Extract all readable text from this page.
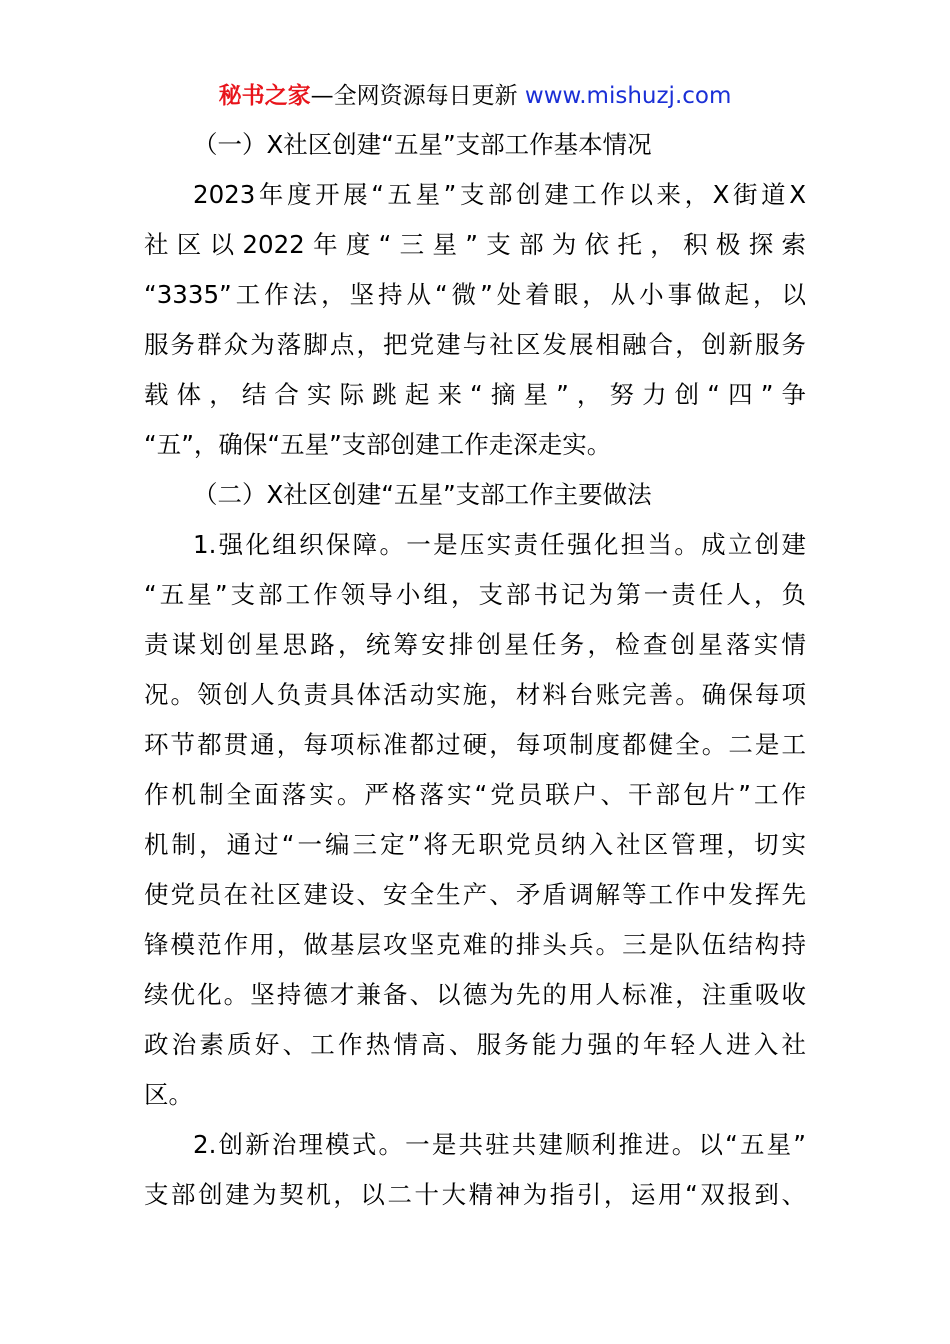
秘书之家—全网资源每日更新 www.mishuzj.com
（一）X社区创建“五星”支部工作基本情况
2023年度开展“五星”支部创建工作以来，X街道X
社区以2022年度“三星”支部为依托，积极探索
“3335”工作法，坚持从“微”处着眼，从小事做起，以
服务群众为落脚点，把党建与社区发展相融合，创新服务
载体，结合实际跳起来“摘星”，努力创“四”争
“五”，确保“五星”支部创建工作走深走实。
（二）X社区创建“五星”支部工作主要做法
1.强化组织保障。一是压实责任强化担当。成立创建
“五星”支部工作领导小组，支部书记为第一责任人，负
责谋划创星思路，统筹安排创星任务，检查创星落实情
况。领创人负责具体活动实施，材料台账完善。确保每项
环节都贯通，每项标准都过硬，每项制度都健全。二是工
作机制全面落实。严格落实“党员联户、干部包片”工作
机制，通过“一编三定”将无职党员纳入社区管理，切实
使党员在社区建设、安全生产、矛盾调解等工作中发挥先
锋模范作用，做基层攻坚克难的排头兵。三是队伍结构持
续优化。坚持德才兼备、以德为先的用人标准，注重吸收
政治素质好、工作热情高、服务能力强的年轻人进入社
区。
2.创新治理模式。一是共驻共建顺利推进。以“五星”
支部创建为契机，以二十大精神为指引，运用“双报到、
